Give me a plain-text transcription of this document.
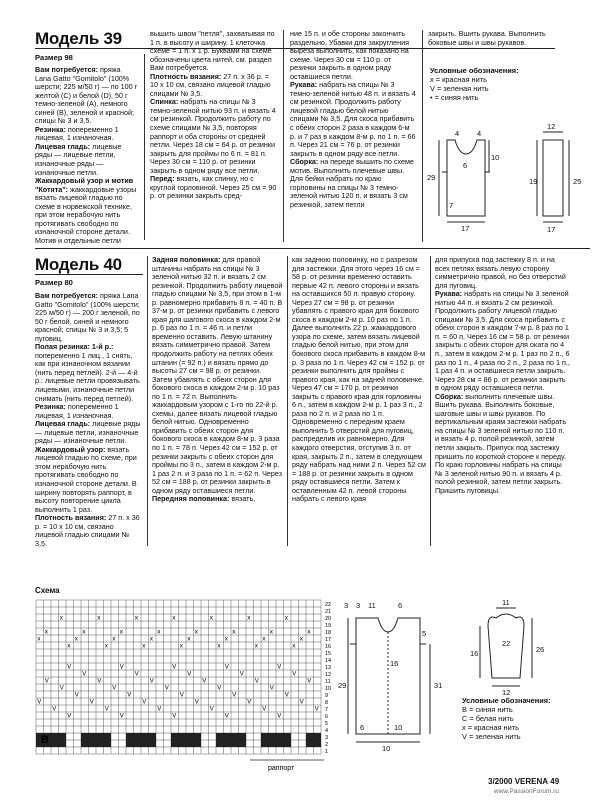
Модель 39
Размер 98

Вам потребуется: пряжа Lana Gatto "Gomitolo" (100% шерсти; 225 м/50 г) — по 100 г желтой (С) и белой (D), 50 г темно-зеленой (А), немного синей (В), зеленой и красной; спицы № 3 и 3,5.

Резинка: попеременно 1 лицевая, 1 изнаночная.

Лицевая гладь: лицевые ряды — лицевые петли, изнаночные ряды — изнаночные петли.

Жаккардовый узор и мотив "Котята": жаккардовые узоры вязать лицевой гладью по схеме в норвежской технике, при этом нерабочую нить протягивать свободно по изнаночной стороне детали. Мотив и отдельные петли

вышить швом "петля", захватывая по 1 п. в высоту и ширину. 1 клеточка схеме = 1 п. x 1 р. Буквами на схеме обозначены цвета нитей, см. раздел Вам потребуется.

Плотность вязания: 27 п. x 36 р. = 10 x 10 см, связано лицевой гладью спицами № 3,5.

Спинка: набрать на спицы № 3 темно-зеленой нитью 93 п. и вязать 4 см резинкой. Продолжить работу по схеме спицами № 3,5, повторяя раппорт и оба стороны от средней петли. Через 18 см = 64 р. от резинки закрыть для проймы по 6 п. = 81 п. Через 30 см = 110 р. от резинки закрыть в одном ряду все петли.

Перед: вязать, как спинку, но с круглой горловиной. Через 25 см = 90 р. от резинки закрыть сред-

ние 15 п. и обе стороны закончить раздельно. Убавки для закругления выреза выполнить, как показано на схеме. Через 30 см = 110 р. от резинки закрыть в одном ряду оставшиеся петли.

Рукава: набрать на спицы № 3 темно-зеленой нитью 48 п. и вязать 4 см резинкой. Продолжить работу лицевой гладью белой нитью спицами № 3,5. Для скоса прибавить с обеих сторон 2 раза в каждом 6-м р. и 7 раз в каждом 8-м р. по 1 п. = 66 п. Через 21 см = 76 р. от резинки закрыть в одном ряду все петли.

Сборка: на переде вышить по схеме мотив. Выполнить плечевые швы. Для бейки набрать по краю горловины на спицы № 3 темно-зеленой нитью 120 п. и вязать 3 см резинкой, затем петли

закрыть. Вшить рукава. Выполнить боковые швы и швы рукавов.

Условные обозначения:
х = красная нить
V = зеленая нить
• = синяя нить
4 4
10
6
29
7
17
12
19	25
17
Модель 40
Размер 80

Вам потребуется: пряжа Lana Gatto "Gomitolo" (100% шерсти; 225 м/50 г) — 200 г зеленой, по 50 г белой, синей и немного красной; спицы № 3 и 3,5; 5 пуговиц.

Полая резинка: 1-й р.: попеременно 1 лиц., 1 снять, как при изнаночном вязании (нить перед петлей). 2-й — 4-й р.: лицевые петли провязывать лицевыми, изнаночные петли снимать (нить перед петлей).

Резинка: попеременно 1 лицевая, 1 изнаночная.

Лицевая гладь: лицевые ряды — лицевые петли, изнаночные ряды — изнаночные петли.

Жаккардовый узор: вязать лицевой гладью по схеме, при этом нерабочую нить протягивать свободно по изнаночной стороне детали. В ширину повторять раппорт, в высоту повторение цикла выполнить 1 раз.

Плотность вязания: 27 п. x 36 р. = 10 x 10 см, связано лицевой гладью спицами № 3,5.

Задняя половинка: для правой штанины набрать на спицы № 3 зеленой нитью 32 п. и вязать 2 см резинкой. Продолжить работу лицевой гладью спицами № 3,5, при этом в 1-м р. равномерно прибавить 8 п. = 40 п. В 37-м р. от резинки прибавить с левого края для шагового скоса в каждом 2-м р. 6 раз по 1 п. = 46 п. и петли временно оставить. Левую штанину вязать симметрично правой. Затем продолжить работу на петлях обеих штанин (= 92 п.) и вязать прямо до высоты 27 см = 98 р. от резинки. Затем убавлять с обеих сторон для бокового скоса в каждом 2-м р. 10 раз по 1 п. = 72 п. Выполнить жаккардовым узором с 1-го по 22-й р. схемы, далее вязать лицевой гладью белой нитью. Одновременно прибавить с обеих сторон для бокового скоса в каждом 8-м р. 3 раза по 1 п. = 78 п. Через 42 см = 152 р. от резинки закрыть с обеих сторон для проймы по 3 п., затем в каждом 2-м р. 1 раз 2 п. и 3 раза по 1 п. = 62 п. Через 52 см = 188 р. от резинки закрыть в одном ряду оставшиеся петли.

Передняя половинка: вязать,

как заднюю половинку, но с разрезом для застежки. Для этого через 16 см = 58 р. от резинки временно оставить первые 42 п. левого стороны и вязать на оставшихся 50 п. правую сторону. Через 27 см = 98 р. от резинки убавлять с правого края для бокового скоса в каждом 2-м р. 10 раз по 1 п. Далее выполнить 22 р. жаккардового узора по схеме, затем вязать лицевой гладью белой нитью, при этом для бокового скоса прибавить в каждом 8-м р. 3 раза по 1 п. Через 42 см = 152 р. от резинки выполнить для проймы с правого края, как на задней половинке. Через 47 см = 170 р. от резинки закрыть с правого края для горловины 6 п., затем в каждом 2-м р. 1 раз 3 п., 2 раза по 2 п. и 2 раза по 1 п. Одновременно с передним краем выполнить 5 отверстий для пуговиц, распределив их равномерно. Для каждого отверстия, отступив 3 п. от края, закрыть 2 п., затем в следующем ряду набрать над ними 2 п. Через 52 см = 188 р. от резинки закрыть в одном ряду оставшиеся петли. Затем к оставленным 42 п. левой стороны набрать с левого края

для припуска под застежку 8 п. и на всех петлях вязать левую сторону симметрично правой, но без отверстий для пуговиц.

Рукава: набрать на спицы № 3 зеленой нитью 44 п. и вязать 2 см резинкой. Продолжить работу лицевой гладью спицами № 3,5. Для скоса прибавить с обеих сторон в каждом 7-м р. 8 раз по 1 п. = 60 п. Через 16 см = 58 р. от резинки закрыть с обеих сторон для оката по 4 п., затем в каждом 2-м р. 1 раз по 2 п., 6 раз по 1 п., 4 раза по 2 п., 2 раза по 1 п., 1 раз 4 п. и оставшиеся петли закрыть. Через 28 см = 86 р. от резинки закрыть в одном ряду оставшиеся петли.

Сборка: выполнить плечевые швы. Вшить рукава. Выполнить боковые, шаговые швы и швы рукавов. По вертикальным краям застежки набрать на спицы № 3 зеленой нитью по 110 п. и вязать 4 р. полой резинкой, затем петли закрыть. Припуск под застежку пришить по короткой стороне к переду. По краю горловины набрать на спицы № 3 зеленой нитью 90 п. и вязать 4 р. полой резинкой, затем петли закрыть. Пришить пуговицы.

Схема
x
V
x
V
V
x
V
x
V
V
x
V
x
V
V
x
V
x
V
x
V
x
V
V
V
x
V
x
V
x
V
x
V
V
x
V
V
x
V
x
V
x
V
V
x
V
x
V
x
V
V
x
V
V
x
V
x
V
x
V
x
V
V
V
x
V
x
V
x
V
x
V
V
1
2
3
4
5
6
7
8
9
10
11
12
13
14
15
16
17
18
19
20
21
22
В
раппорт
3 3 11	6
5
31
29
6	10
10
16
11
16	26
12
22
Условные обозначения:
В = синяя нить
С = белая нить
х = красная нить
V = зеленая нить
3/2000 VERENA 49
www.PassionForum.ru
